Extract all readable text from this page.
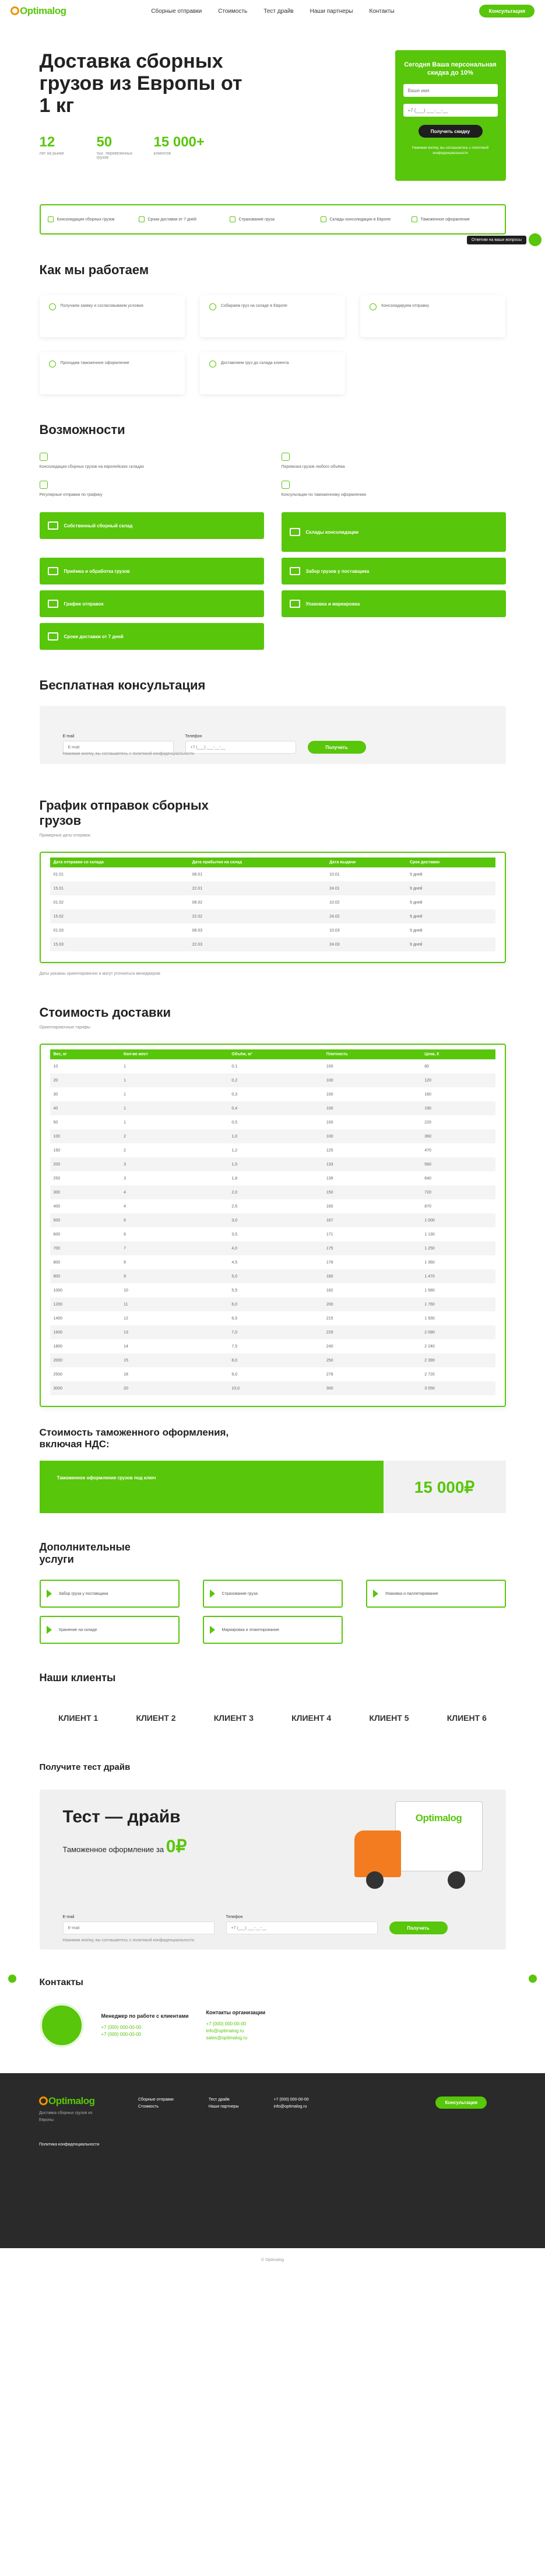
Optimalog	Сборные отправки	Стоимость	Тест драйв	Наши партнеры	Контакты	Консультация
Доставка сборных грузов из Европы от 1 кг
12
лет на рынке
50
тыс. перевезенных грузов
15 000+
клиентов
Сегодня Ваша персональная скидка до 10%
Ваше имя
+7 (___) ___-__-__
Получить скидку
Нажимая кнопку, вы соглашаетесь с политикой конфиденциальности
Консолидация сборных грузов	Сроки доставки от 7 дней	Страхование груза	Склады консолидации в Европе	Таможенное оформление
Как мы работаем
Получаем заявку и согласовываем условия	Собираем груз на складе в Европе	Консолидируем отправку
Проходим таможенное оформление	Доставляем груз до склада клиента
Возможности
Консолидация сборных грузов на европейских складах	Перевозка грузов любого объёма
Регулярные отправки по графику	Консультации по таможенному оформлению
Собственный сборный склад
Склады консолидации
Приёмка и обработка грузов	Забор грузов у поставщика
График отправок	Упаковка и маркировка
Сроки доставки от 7 дней
Бесплатная консультация
E-mail
E-mail	Телефон
+7 (___) ___-__-__
Получить
Нажимая кнопку, вы соглашаетесь с политикой конфиденциальности
График отправок сборных грузов
Примерные даты отправок
Дата отправки со склада	Дата прибытия на склад	Дата выдачи	Срок доставки
01.01	08.01	10.01	9 дней
15.01	22.01	24.01	9 дней
01.02	08.02	10.02	9 дней
15.02	22.02	24.02	9 дней
01.03	08.03	10.03	9 дней
15.03	22.03	24.03	9 дней
Даты указаны ориентировочно и могут уточняться менеджером
Стоимость доставки
Ориентировочные тарифы
Вес, кг	Кол-во мест	Объём, м³	Плотность	Цена, €
10	1	0,1	100	80
20	1	0,2	100	120
30	1	0,3	100	160
40	1	0,4	100	190
50	1	0,5	100	220
100	2	1,0	100	360
150	2	1,2	125	470
200	3	1,5	133	560
250	3	1,8	139	640
300	4	2,0	150	720
400	4	2,5	160	870
500	5	3,0	167	1 000
600	6	3,5	171	1 130
700	7	4,0	175	1 250
800	8	4,5	178	1 360
900	9	5,0	180	1 470
1000	10	5,5	182	1 580
1200	11	6,0	200	1 760
1400	12	6,5	215	1 930
1600	13	7,0	229	2 090
1800	14	7,5	240	2 240
2000	15	8,0	250	2 390
2500	18	9,0	278	2 720
3000	20	10,0	300	3 050
Стоимость таможенного оформления, включая НДС:
Таможенное оформление грузов под ключ	15 000₽
Дополнительные услуги
Забор груза у поставщика	Страхование груза	Упаковка и паллетирование
Хранение на складе	Маркировка и этикетирование
Наши клиенты
КЛИЕНТ 1	КЛИЕНТ 2	КЛИЕНТ 3	КЛИЕНТ 4	КЛИЕНТ 5	КЛИЕНТ 6
Получите тест драйв
Тест — драйв
Таможенное оформление за 0₽
Optimalog
E-mail
E-mail	Телефон
+7 (___) ___-__-__
Получить
Нажимая кнопку, вы соглашаетесь с политикой конфиденциальности
Контакты
Менеджер по работе с клиентами
+7 (000) 000-00-00
+7 (000) 000-00-00
Контакты организации
+7 (000) 000-00-00
info@optimalog.ru
sales@optimalog.ru
Ответим на ваши вопросы
Optimalog
Доставка сборных грузов из Европы
Политика конфиденциальности
Сборные отправки
Стоимость
Тест драйв
Наши партнеры
+7 (000) 000-00-00
info@optimalog.ru
Консультация
© Optimalog
